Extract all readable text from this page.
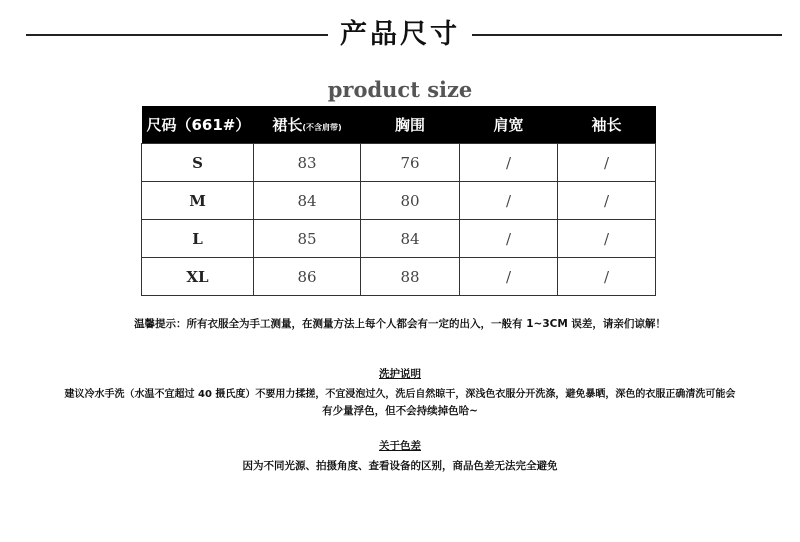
产品尺寸
product size
尺码（661#）	裙长(不含肩带)	胸围	肩宽	袖长
S	83	76	/	/
M	84	80	/	/
L	85	84	/	/
XL	86	88	/	/
温馨提示：所有衣服全为手工测量，在测量方法上每个人都会有一定的出入，一般有 1~3CM 误差，请亲们谅解！
洗护说明
建议冷水手洗（水温不宜超过 40 摄氏度）不要用力揉搓，不宜浸泡过久，洗后自然晾干，深浅色衣服分开洗涤，避免暴晒，深色的衣服正确清洗可能会
有少量浮色，但不会持续掉色哈~
关于色差
因为不同光源、拍摄角度、查看设备的区别，商品色差无法完全避免
